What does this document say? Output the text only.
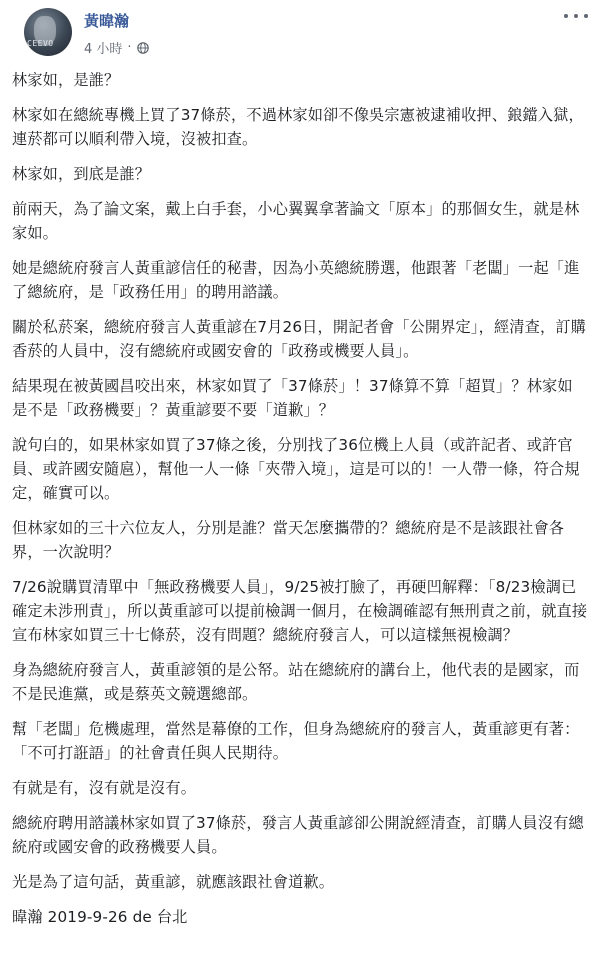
CEEVO
黃暐瀚
4 小時 ·

林家如，是誰？

林家如在總統專機上買了37條菸，不過林家如卻不像吳宗憲被逮補收押、鋃鐺入獄，連菸都可以順利帶入境，沒被扣查。

林家如，到底是誰？

前兩天，為了論文案，戴上白手套，小心翼翼拿著論文「原本」的那個女生，就是林家如。

她是總統府發言人黃重諺信任的秘書，因為小英總統勝選，他跟著「老闆」一起「進了總統府，是「政務任用」的聘用諮議。

關於私菸案，總統府發言人黃重諺在7月26日，開記者會「公開界定」，經清查，訂購香菸的人員中，沒有總統府或國安會的「政務或機要人員」。

結果現在被黃國昌咬出來，林家如買了「37條菸」！37條算不算「超買」？林家如是不是「政務機要」？黃重諺要不要「道歉」？

說句白的，如果林家如買了37條之後，分別找了36位機上人員（或許記者、或許官員、或許國安隨扈），幫他一人一條「夾帶入境」，這是可以的！一人帶一條，符合規定，確實可以。

但林家如的三十六位友人，分別是誰？當天怎麼攜帶的？總統府是不是該跟社會各界，一次說明？

7/26說購買清單中「無政務機要人員」，9/25被打臉了，再硬凹解釋：「8/23檢調已確定未涉刑責」，所以黃重諺可以提前檢調一個月，在檢調確認有無刑責之前，就直接宣布林家如買三十七條菸，沒有問題？總統府發言人，可以這樣無視檢調？

身為總統府發言人，黃重諺領的是公帑。站在總統府的講台上，他代表的是國家，而不是民進黨，或是蔡英文競選總部。

幫「老闆」危機處理，當然是幕僚的工作，但身為總統府的發言人，黃重諺更有著：「不可打誑語」的社會責任與人民期待。

有就是有，沒有就是沒有。

總統府聘用諮議林家如買了37條菸，發言人黃重諺卻公開說經清查，訂購人員沒有總統府或國安會的政務機要人員。

光是為了這句話，黃重諺，就應該跟社會道歉。

暐瀚 2019-9-26 de 台北
